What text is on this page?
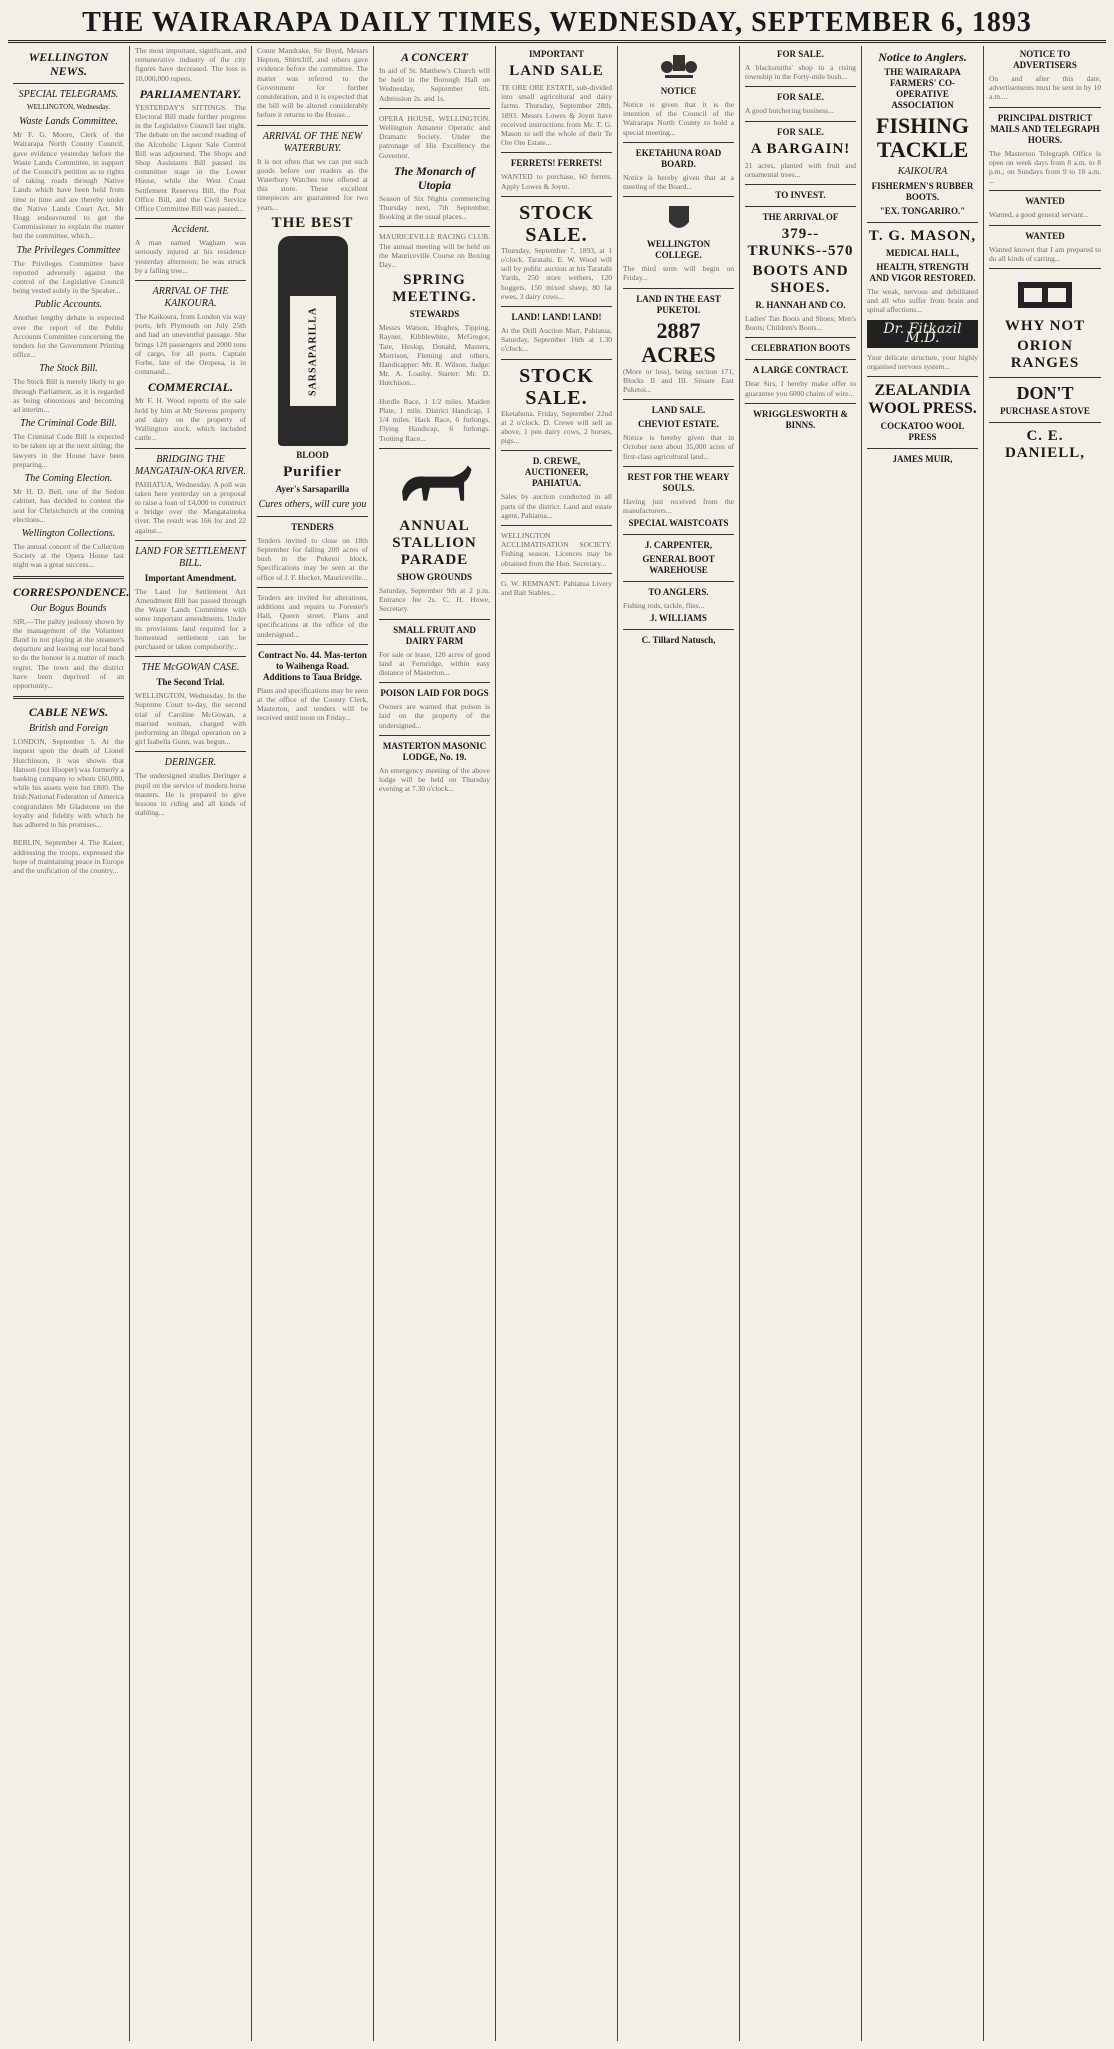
THE WAIRARAPA DAILY TIMES, WEDNESDAY, SEPTEMBER 6, 1893
WELLINGTON NEWS.
SPECIAL TELEGRAMS.
WELLINGTON, Wednesday.
Waste Lands Committee.
Mr F. G. Moore, Clerk of the Wairarapa North County Council, gave evidence yesterday before the Waste Lands Committee, in support of the Council's petition as to rights of taking roads through Native Lands which have been held from time to time and are thereby under the Native Lands Court Act. Mr Hogg endeavoured to get the Commissioner to explain the matter but the committee, which...
The Privileges Committee
The Privileges Committee have reported adversely against the control of the Legislative Council being vested solely in the Speaker...
Public Accounts.
Another lengthy debate is expected over the report of the Public Accounts Committee concerning the tenders for the Government Printing office...
The Stock Bill.
The Stock Bill is merely likely to go through Parliament, as it is regarded as being obnoxious and becoming ad interim...
The Criminal Code Bill.
The Criminal Code Bill is expected to be taken up at the next sitting; the lawyers in the House have been preparing...
The Coming Election.
Mr H. D. Bell, one of the Sedon cabinet, has decided to contest the seat for Christchurch at the coming elections...
Wellington Collections.
The annual concert of the Collection Society at the Opera House last night was a great success...
CORRESPONDENCE.
Our Bogus Bounds
SIR,—The paltry jealousy shown by the management of the Volunteer Band in not playing at the steamer's departure and leaving our local band to do the honour is a matter of much regret. The town and the district have been deprived of an opportunity...
CABLE NEWS.
British and Foreign
LONDON, September 5. At the inquest upon the death of Lionel Hutchinson, it was shown that Hanson (not Hooper) was formerly a banking company to whom £60,000, while his assets were but £800. The Irish National Federation of America congratulates Mr Gladstone on the loyalty and fidelity with which he has adhered to his promises...

BERLIN, September 4. The Kaiser, addressing the troops, expressed the hope of maintaining peace in Europe and the unification of the country...
The most important, significant, and remunerative industry of the city figures have decreased. The loss is 10,000,000 rupees.
PARLIAMENTARY.
YESTERDAY'S SITTINGS. The Electoral Bill made further progress in the Legislative Council last night. The debate on the second reading of the Alcoholic Liquor Sale Control Bill was adjourned. The Shops and Shop Assistants Bill passed its committee stage in the Lower House, while the West Coast Settlement Reserves Bill, the Post Office Bill, and the Civil Service Office Committee Bill was passed...
Accident.
A man named Wagham was seriously injured at his residence yesterday afternoon; he was struck by a falling tree...
ARRIVAL OF THE KAIKOURA.
The Kaikoura, from London via way ports, left Plymouth on July 25th and had an uneventful passage. She brings 128 passengers and 2000 tons of cargo, for all ports. Captain Forbe, late of the Oropesa, is in command...
COMMERCIAL.
Mr F. H. Wood reports of the sale held by him at Mr Stevens property and dairy on the property of Wallington stock, which included cattle...
BRIDGING THE MANGATAIN-OKA RIVER.
PAHIATUA, Wednesday. A poll was taken here yesterday on a proposal to raise a loan of £4,000 to construct a bridge over the Mangatainoka river. The result was 166 for and 22 against...
LAND FOR SETTLEMENT BILL.
Important Amendment.
The Land for Settlement Act Amendment Bill has passed through the Waste Lands Committee with some important amendments. Under its provisions land required for a homestead settlement can be purchased or taken compulsorily...
THE McGOWAN CASE.
The Second Trial.
WELLINGTON, Wednesday. In the Supreme Court to-day, the second trial of Caroline McGowan, a married woman, charged with performing an illegal operation on a girl Isabella Gunn, was begun...
DERINGER.
The undersigned studies Deringer a pupil on the service of modern horse masters. He is prepared to give lessons in riding and all kinds of stabling...
Count Mandrake, Sir Boyd, Messrs Hepton, Shirtcliff, and others gave evidence before the committee. The matter was referred to the Government for further consideration, and it is expected that the bill will be altered considerably before it returns to the House...
ARRIVAL OF THE NEW WATERBURY.
It is not often that we can put such goods before our readers as the Waterbury Watches now offered at this store. These excellent timepieces are guaranteed for two years...
THE BEST
SARSAPARILLA
BLOOD
Purifier
Ayer's Sarsaparilla
Cures others, will cure you
TENDERS
Tenders invited to close on 18th September for falling 200 acres of bush in the Puketoi block. Specifications may be seen at the office of J. F. Hecker, Mauriceville...
Tenders are invited for alterations, additions and repairs to Forester's Hall, Queen street. Plans and specifications at the office of the undersigned...
Contract No. 44. Mas-terton to Waihenga Road. Additions to Taua Bridge.
Plans and specifications may be seen at the office of the County Clerk, Masterton, and tenders will be received until noon on Friday...
A CONCERT
In aid of St. Matthew's Church will be held in the Borough Hall on Wednesday, September 6th. Admission 2s. and 1s.
OPERA HOUSE, WELLINGTON. Wellington Amateur Operatic and Dramatic Society. Under the patronage of His Excellency the Governor.
The Monarch of Utopia
Season of Six Nights commencing Thursday next, 7th September. Booking at the usual places...
MAURICEVILLE RACING CLUB. The annual meeting will be held on the Mauriceville Course on Boxing Day...
SPRING MEETING.
STEWARDS
Messrs Watson, Hughes, Tipping, Rayner, Kibblewhite, McGregor, Tate, Heslop, Donald, Masters, Morrison, Fleming and others. Handicapper: Mr. R. Wilson. Judge: Mr. A. Loasby. Starter: Mr. D. Hutchison...

Hurdle Race, 1 1/2 miles. Maiden Plate, 1 mile. District Handicap, 1 1/4 miles. Hack Race, 6 furlongs. Flying Handicap, 6 furlongs. Trotting Race...
ANNUAL STALLION PARADE
SHOW GROUNDS
Saturday, September 9th at 2 p.m. Entrance fee 2s. C. H. Howe, Secretary.
SMALL FRUIT AND DAIRY FARM
For sale or lease, 120 acres of good land at Fernridge, within easy distance of Masterton...
POISON LAID FOR DOGS
Owners are warned that poison is laid on the property of the undersigned...
MASTERTON MASONIC LODGE, No. 19.
An emergency meeting of the above lodge will be held on Thursday evening at 7.30 o'clock...
IMPORTANT
LAND SALE
TE ORE ORE ESTATE, sub-divided into small agricultural and dairy farms. Thursday, September 28th, 1893. Messrs Lowes & Joynt have received instructions from Mr. T. G. Mason to sell the whole of their Te Ore Ore Estate...
FERRETS! FERRETS!
WANTED to purchase, 60 ferrets. Apply Lowes & Joynt.
STOCK SALE.
Thursday, September 7, 1893, at 1 o'clock. Taratahi. E. W. Wood will sell by public auction at his Taratahi Yards, 250 store wethers, 120 hoggets, 150 mixed sheep, 80 fat ewes, 3 dairy cows...
LAND! LAND! LAND!
At the Drill Auction Mart, Pahiatua, Saturday, September 16th at 1.30 o'clock...
STOCK SALE.
Eketahuna. Friday, September 22nd at 2 o'clock. D. Crewe will sell as above, 1 pen dairy cows, 2 horses, pigs...
D. CREWE, AUCTIONEER, PAHIATUA.
Sales by auction conducted in all parts of the district. Land and estate agent, Pahiatua...
WELLINGTON ACCLIMATISATION SOCIETY. Fishing season. Licences may be obtained from the Hon. Secretary...
G. W. REMNANT. Pahiatua Livery and Bait Stables...
NOTICE
Notice is given that it is the intention of the Council of the Wairarapa North County to hold a special meeting...
EKETAHUNA ROAD BOARD.
Notice is hereby given that at a meeting of the Board...
WELLINGTON COLLEGE.
The third term will begin on Friday...
LAND IN THE EAST PUKETOI.
2887 ACRES
(More or less), being section 171, Blocks II and III. Situate East Puketoi...
LAND SALE.
CHEVIOT ESTATE.
Notice is hereby given that in October next about 35,000 acres of first-class agricultural land...
REST FOR THE WEARY SOULS.
Having just received from the manufacturers...
SPECIAL WAISTCOATS
J. CARPENTER,
GENERAL BOOT WAREHOUSE
TO ANGLERS.
Fishing rods, tackle, flies...
J. WILLIAMS
C. Tillard Natusch,
FOR SALE.
A blacksmiths' shop in a rising township in the Forty-mile bush...
FOR SALE.
A good butchering business...
FOR SALE.
A BARGAIN!
21 acres, planted with fruit and ornamental trees...
TO INVEST.
THE ARRIVAL OF
379--TRUNKS--570
BOOTS AND SHOES.
R. HANNAH AND CO.
Ladies' Tan Boots and Shoes; Men's Boots; Children's Boots...
CELEBRATION BOOTS
A LARGE CONTRACT.
Dear Sirs, I hereby make offer to guarantee you 6000 chains of wire...
WRIGGLESWORTH & BINNS.
Notice to Anglers.
THE WAIRARAPA FARMERS' CO-OPERATIVE ASSOCIATION
FISHING
TACKLE
KAIKOURA
FISHERMEN'S RUBBER BOOTS.
"EX. TONGARIRO."
T. G. MASON,
MEDICAL HALL,
HEALTH, STRENGTH AND VIGOR RESTORED.
The weak, nervous and debilitated and all who suffer from brain and spinal affections...
Dr. Fitkazil M.D.
Your delicate structure, your highly organised nervous system...
ZEALANDIA
WOOL PRESS.
COCKATOO WOOL PRESS
JAMES MUIR,
NOTICE TO ADVERTISERS
On and after this date, advertisements must be sent in by 10 a.m....
PRINCIPAL DISTRICT MAILS AND TELEGRAPH HOURS.
The Masterton Telegraph Office is open on week days from 8 a.m. to 8 p.m.; on Sundays from 9 to 10 a.m. ...
WANTED
Wanted, a good general servant...
WANTED
Wanted known that I am prepared to do all kinds of carting...
WHY NOT
ORION RANGES
DON'T
PURCHASE A STOVE
C. E. DANIELL,
